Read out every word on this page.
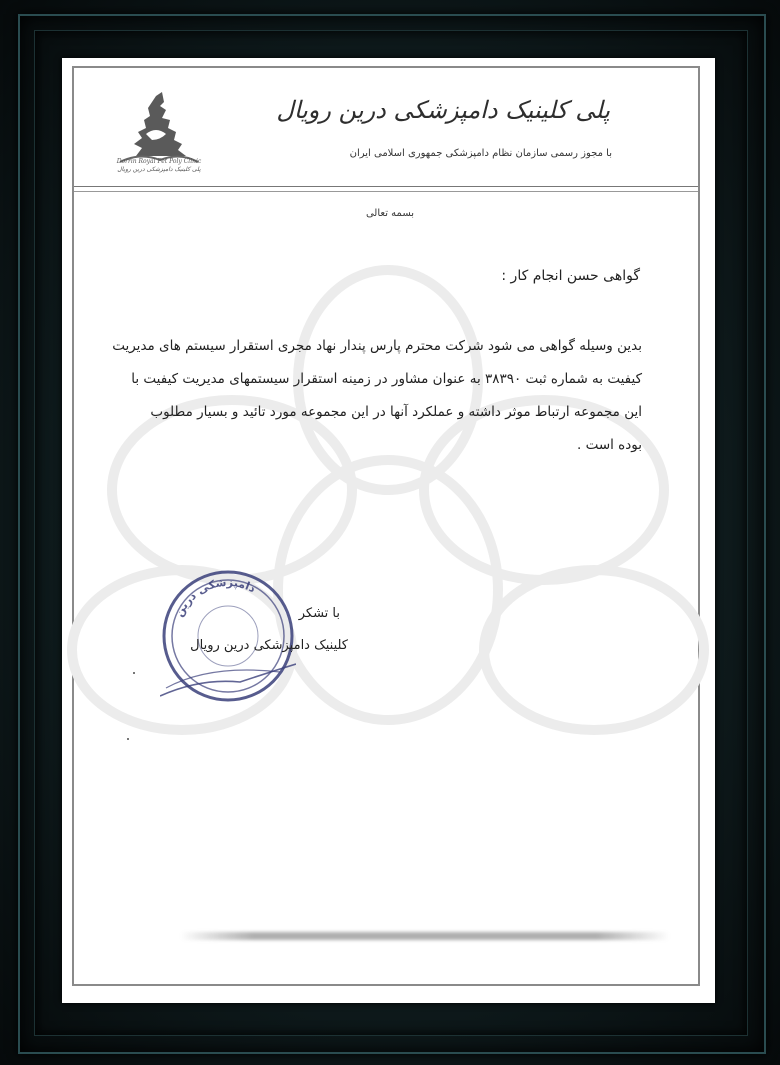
Dorrin Royal Pet Poly Clinic
پلی کلینیک دامپزشکی درین رویال
پلی کلینیک دامپزشکی درین رویال
با مجوز رسمی سازمان نظام دامپزشکی جمهوری اسلامی ایران
بسمه تعالی
گواهی حسن انجام کار :
بدین وسیله گواهی می شود شرکت محترم پارس پندار نهاد مجری استقرار سیستم های مدیریت
کیفیت به شماره ثبت ۳۸۳۹۰ به عنوان مشاور در زمینه استقرار سیستمهای مدیریت کیفیت با
این مجموعه ارتباط موثر داشته و عملکرد آنها در این مجموعه مورد تائید و بسیار مطلوب
بوده است .
دامپزشکی درین
با تشکر
کلینیک دامپزشکی درین رویال
